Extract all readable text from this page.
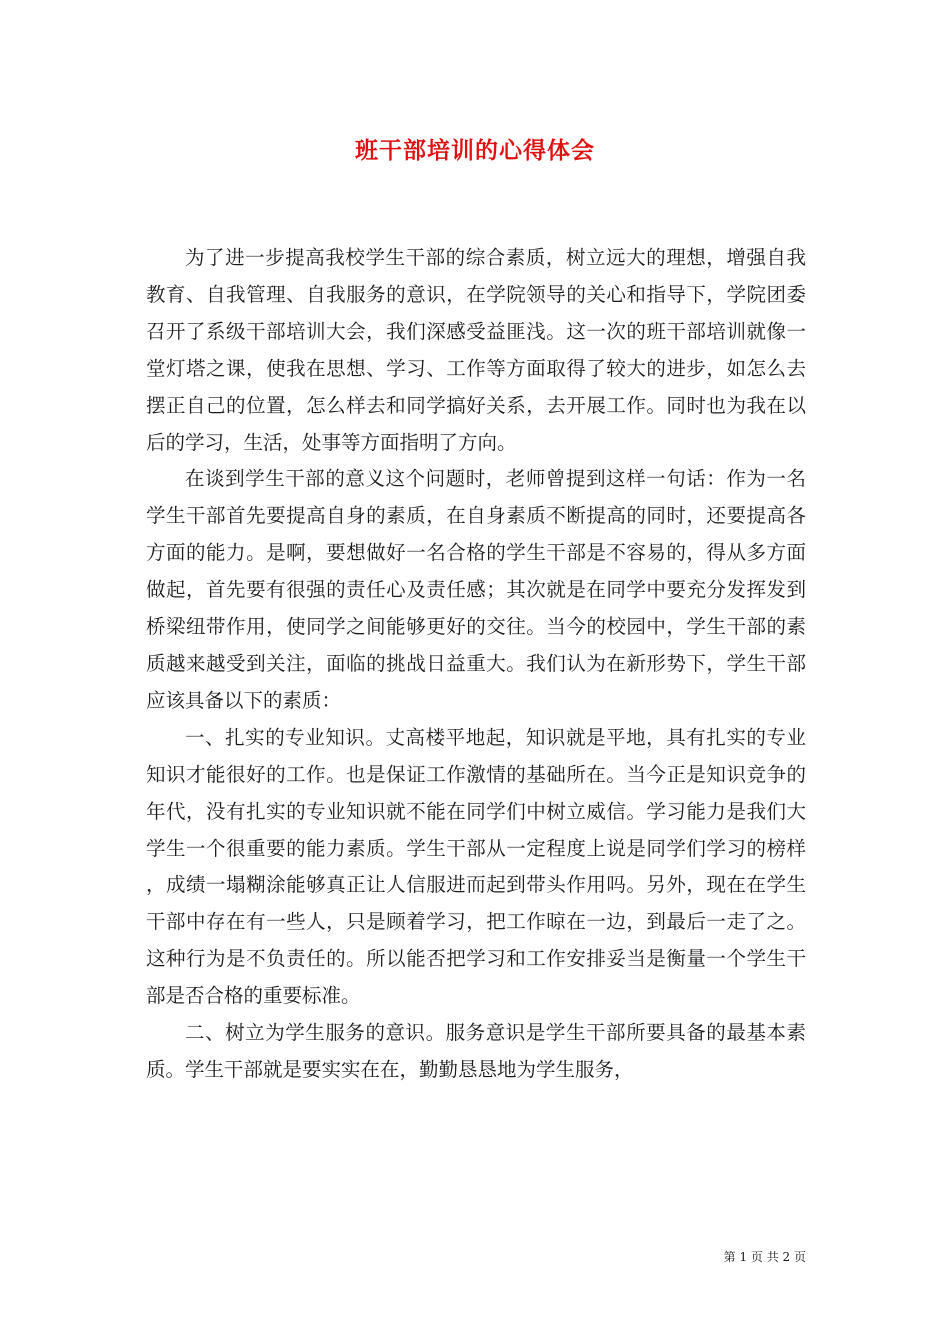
班干部培训的心得体会

为了进一步提高我校学生干部的综合素质，树立远大的理想，增强自我教育、自我管理、自我服务的意识，在学院领导的关心和指导下，学院团委召开了系级干部培训大会，我们深感受益匪浅。这一次的班干部培训就像一堂灯塔之课，使我在思想、学习、工作等方面取得了较大的进步，如怎么去摆正自己的位置，怎么样去和同学搞好关系，去开展工作。同时也为我在以后的学习，生活，处事等方面指明了方向。

在谈到学生干部的意义这个问题时，老师曾提到这样一句话：作为一名学生干部首先要提高自身的素质，在自身素质不断提高的同时，还要提高各方面的能力。是啊，要想做好一名合格的学生干部是不容易的，得从多方面做起，首先要有很强的责任心及责任感；其次就是在同学中要充分发挥发到桥梁纽带作用，使同学之间能够更好的交往。当今的校园中，学生干部的素质越来越受到关注，面临的挑战日益重大。我们认为在新形势下，学生干部应该具备以下的素质：

一、扎实的专业知识。丈高楼平地起，知识就是平地，具有扎实的专业知识才能很好的工作。也是保证工作激情的基础所在。当今正是知识竞争的年代，没有扎实的专业知识就不能在同学们中树立威信。学习能力是我们大学生一个很重要的能力素质。学生干部从一定程度上说是同学们学习的榜样，成绩一塌糊涂能够真正让人信服进而起到带头作用吗。另外，现在在学生干部中存在有一些人，只是顾着学习，把工作晾在一边，到最后一走了之。这种行为是不负责任的。所以能否把学习和工作安排妥当是衡量一个学生干部是否合格的重要标准。

二、树立为学生服务的意识。服务意识是学生干部所要具备的最基本素质。学生干部就是要实实在在，勤勤恳恳地为学生服务，

第 1 页 共 2 页
